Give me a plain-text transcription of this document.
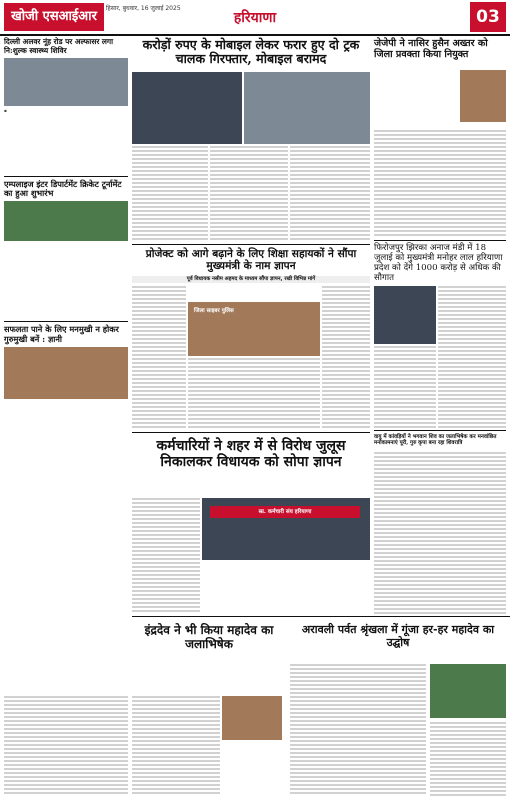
खोजी एसआईआर
हिसार, बुधवार, 16 जुलाई 2025
हरियाणा	03
दिल्ली अलवर नूंह रोड पर अल्फासर लगा नि:शुल्क स्वास्थ्य शिविर
▪
एम्पलाइज इंटर डिपार्टमेंट क्रिकेट टूर्नामेंट का हुआ शुभारंभ
सफलता पाने के लिए मनमुखी न होकर गुरुमुखी बनें : ज्ञानी
करोड़ों रुपए के मोबाइल लेकर फरार हुए दो ट्रक चालक गिरफ्तार, मोबाइल बरामद
प्रोजेक्ट को आगे बढ़ाने के लिए शिक्षा सहायकों ने सौंपा मुख्यमंत्री के नाम ज्ञापन
पूर्व विधायक नसीम अहमद के माध्यम सौंपा ज्ञापन, रखी विभिन्न मांगें
जिला साइबर पुलिस
कर्मचारियों ने शहर में से विरोध जुलूस निकालकर विधायक को सोपा ज्ञापन
स्प्र. कर्मचारी संघ हरियाणा
इंद्रदेव ने भी किया महादेव का जलाभिषेक
अरावली पर्वत श्रृंखला में गूंजा हर-हर महादेव का उद्घोष
जेजेपी ने नासिर हुसैन अख्तर को जिला प्रवक्ता किया नियुक्त
फिरोजपुर झिरका अनाज मंडी में 18 जुलाई को मुख्यमंत्री मनोहर लाल हरियाणा प्रदेश को देंगे 1000 करोड़ से अधिक की सौगात
वायु में कांवड़ियों ने भगवान शिव का जलाभिषेक कर मनवांछित मनोकामनाएं पूरी, गुरु कृपा बना रहा शिवरात्रि
